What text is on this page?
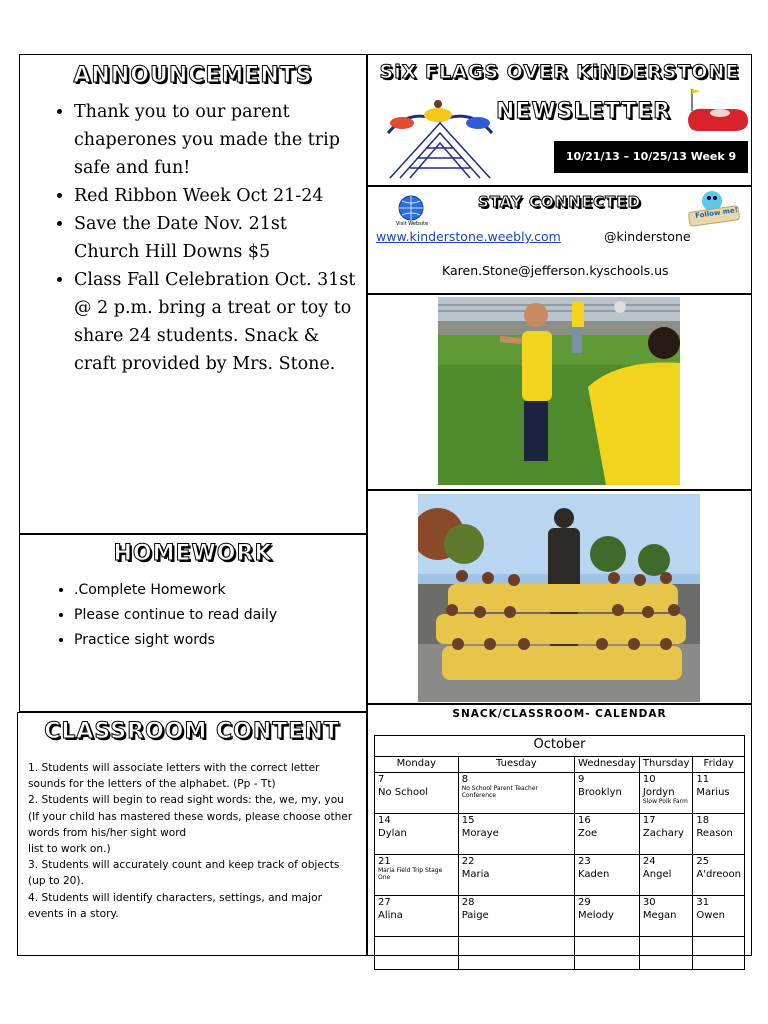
ANNOUNCEMENTS
• Thank you to our parent chaperones you made the trip safe and fun!
• Red Ribbon Week Oct 21-24
• Save the Date Nov. 21st Church Hill Downs $5
• Class Fall Celebration Oct. 31st @ 2 p.m. bring a treat or toy to share 24 students. Snack & craft provided by Mrs. Stone.
SiX FLAGS OVER KiNDERSTONE
NEWSLETTER
10/21/13 – 10/25/13 Week 9
STAY CONNECTED
Visit Website
www.kinderstone.weebly.com
Follow me!
@kinderstone
Karen.Stone@jefferson.kyschools.us
HOMEWORK
• .Complete Homework
• Please continue to read daily
• Practice sight words
CLASSROOM CONTENT
1. Students will associate letters with the correct letter sounds for the letters of the alphabet. (Pp - Tt)
2. Students will begin to read sight words: the, we, my, you (If your child has mastered these words, please choose other words from his/her sight word
list to work on.)
3. Students will accurately count and keep track of objects (up to 20).
4. Students will identify characters, settings, and major events in a story.
SNACK/CLASSROOM- CALENDAR
October				
Monday	Tuesday	Wednesday	Thursday	Friday

7
No School	8
No School Parent Teacher Conference	9
Brooklyn	10
Jordyn
Slow Polk Farm	11
Marius

14
Dylan	15
Moraye	16
Zoe	17
Zachary	18
Reason

21
Maria Field Trip Stage One	22
Maria	23
Kaden	24
Angel	25
A'dreoon

27
Alina	28
Paige	29
Melody	30
Megan	31
Owen
